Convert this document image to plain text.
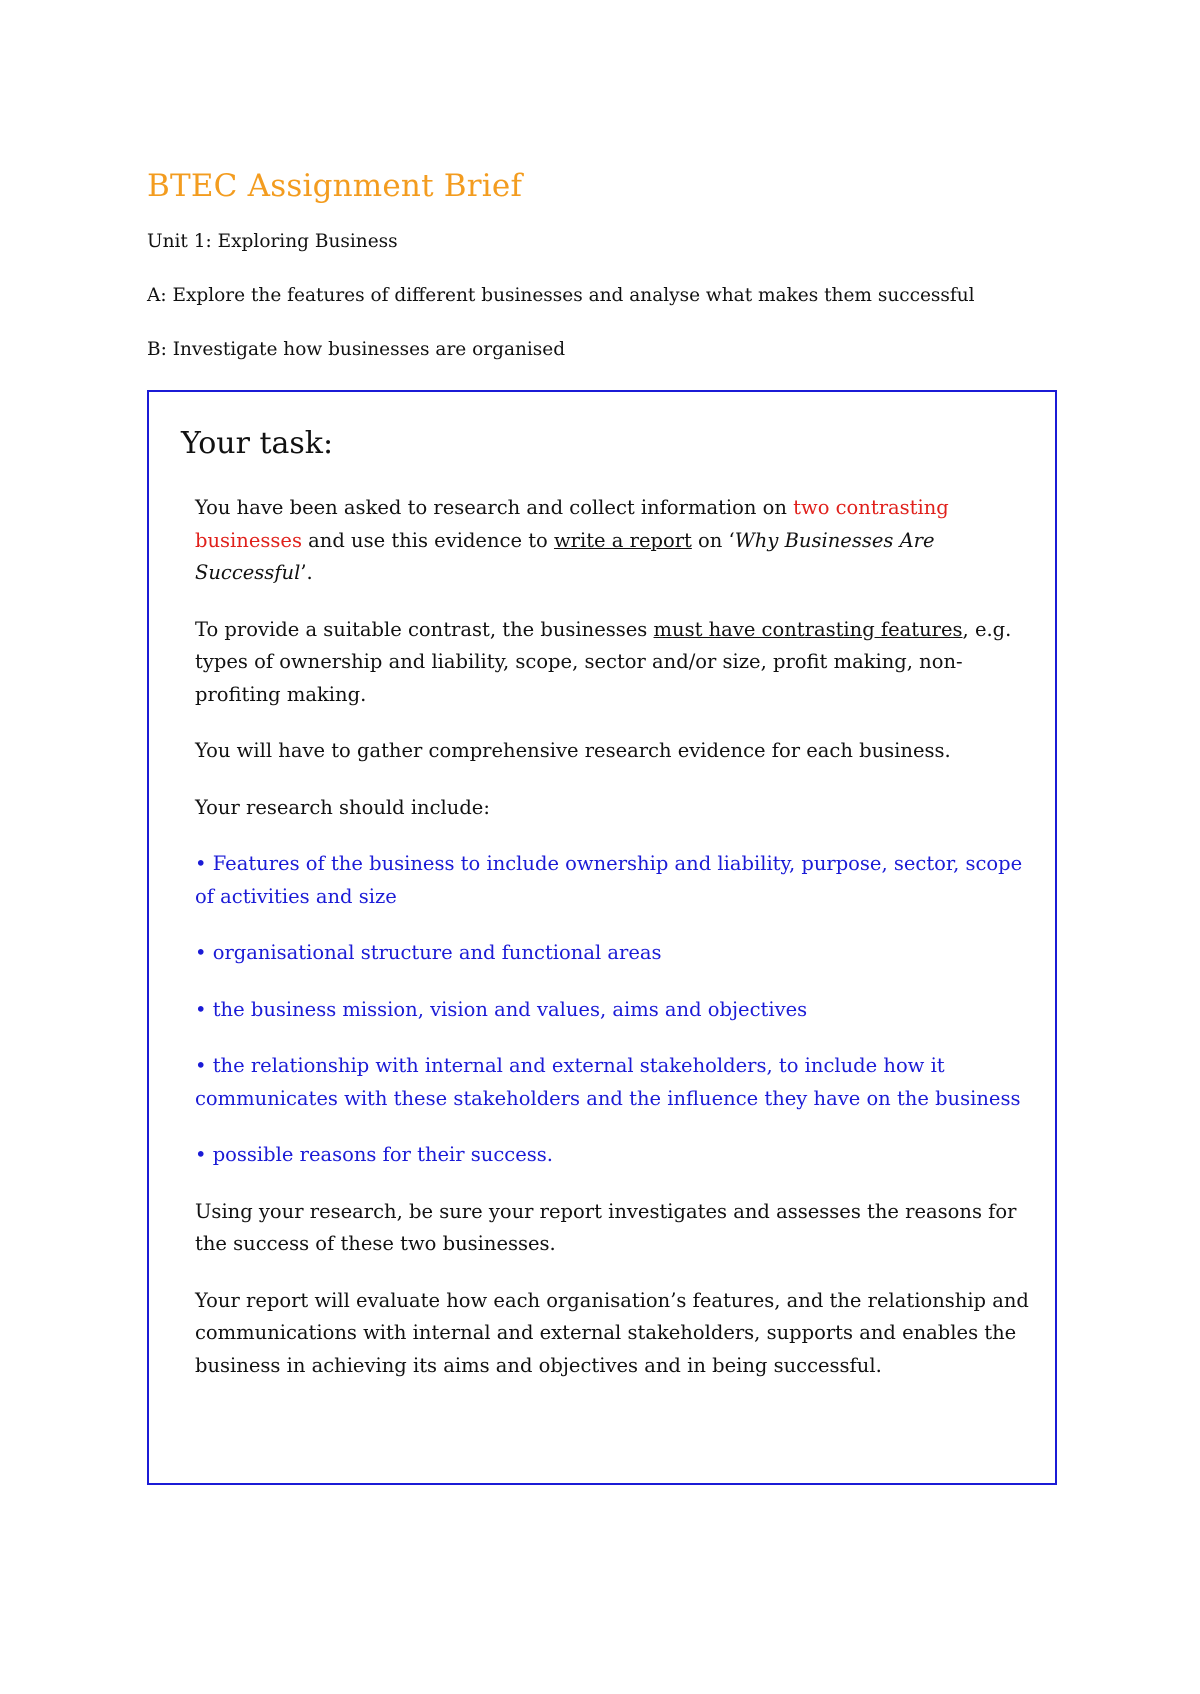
BTEC Assignment Brief

Unit 1: Exploring Business

A: Explore the features of different businesses and analyse what makes them successful

B: Investigate how businesses are organised

Your task:

You have been asked to research and collect information on two contrasting businesses and use this evidence to write a report on ‘Why Businesses Are Successful’.

To provide a suitable contrast, the businesses must have contrasting features, e.g. types of ownership and liability, scope, sector and/or size, profit making, non-profiting making.

You will have to gather comprehensive research evidence for each business.

Your research should include:

• Features of the business to include ownership and liability, purpose, sector, scope of activities and size

• organisational structure and functional areas

• the business mission, vision and values, aims and objectives

• the relationship with internal and external stakeholders, to include how it communicates with these stakeholders and the influence they have on the business

• possible reasons for their success.

Using your research, be sure your report investigates and assesses the reasons for the success of these two businesses.

Your report will evaluate how each organisation’s features, and the relationship and communications with internal and external stakeholders, supports and enables the business in achieving its aims and objectives and in being successful.
